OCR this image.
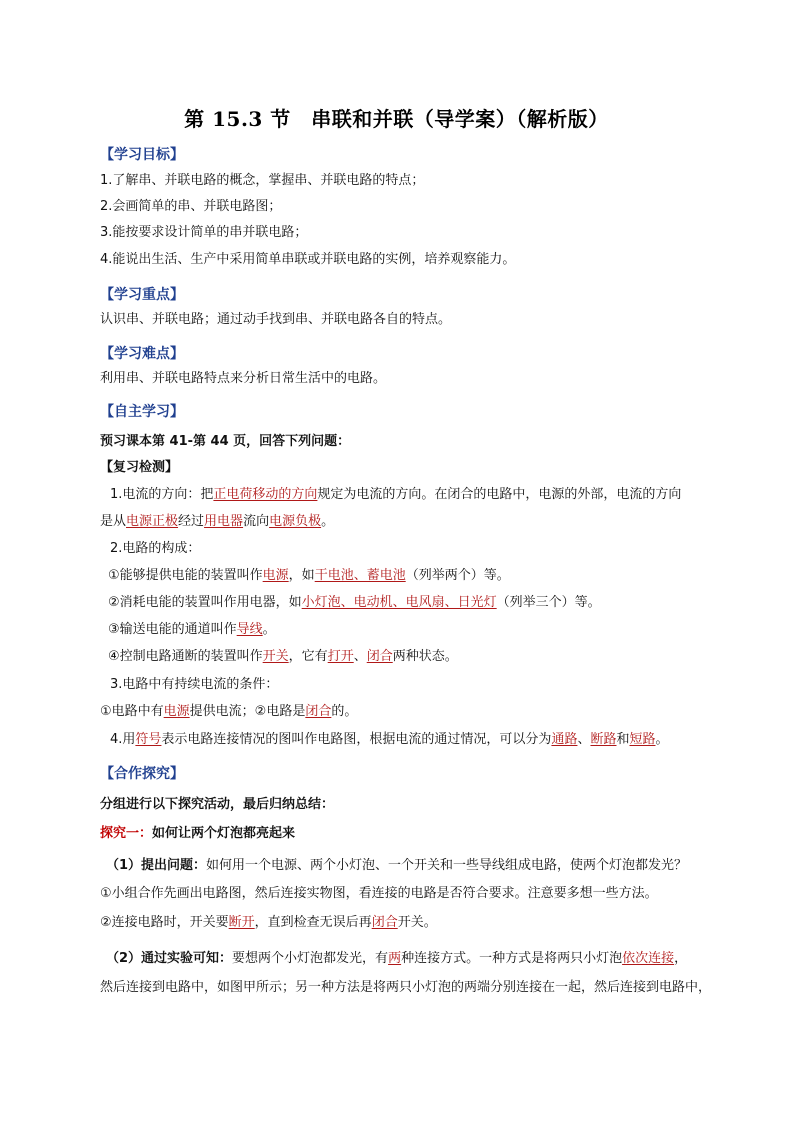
第 15.3 节　串联和并联（导学案）（解析版）
【学习目标】
1.了解串、并联电路的概念，掌握串、并联电路的特点；
2.会画简单的串、并联电路图；
3.能按要求设计简单的串并联电路；
4.能说出生活、生产中采用简单串联或并联电路的实例，培养观察能力。
【学习重点】
认识串、并联电路；通过动手找到串、并联电路各自的特点。
【学习难点】
利用串、并联电路特点来分析日常生活中的电路。
【自主学习】
预习课本第 41-第 44 页，回答下列问题：
【复习检测】
1.电流的方向：把正电荷移动的方向规定为电流的方向。在闭合的电路中，电源的外部，电流的方向
是从电源正极经过用电器流向电源负极。
2.电路的构成：
①能够提供电能的装置叫作电源，如干电池、蓄电池（列举两个）等。
②消耗电能的装置叫作用电器，如小灯泡、电动机、电风扇、日光灯（列举三个）等。
③输送电能的通道叫作导线。
④控制电路通断的装置叫作开关，它有打开、闭合两种状态。
3.电路中有持续电流的条件：
①电路中有电源提供电流；②电路是闭合的。
4.用符号表示电路连接情况的图叫作电路图，根据电流的通过情况，可以分为通路、断路和短路。
【合作探究】
分组进行以下探究活动，最后归纳总结：
探究一：如何让两个灯泡都亮起来
（1）提出问题：如何用一个电源、两个小灯泡、一个开关和一些导线组成电路，使两个灯泡都发光？
①小组合作先画出电路图，然后连接实物图，看连接的电路是否符合要求。注意要多想一些方法。
②连接电路时，开关要断开，直到检查无误后再闭合开关。
（2）通过实验可知：要想两个小灯泡都发光，有两种连接方式。一种方式是将两只小灯泡依次连接，
然后连接到电路中，如图甲所示；另一种方法是将两只小灯泡的两端分别连接在一起，然后连接到电路中，
